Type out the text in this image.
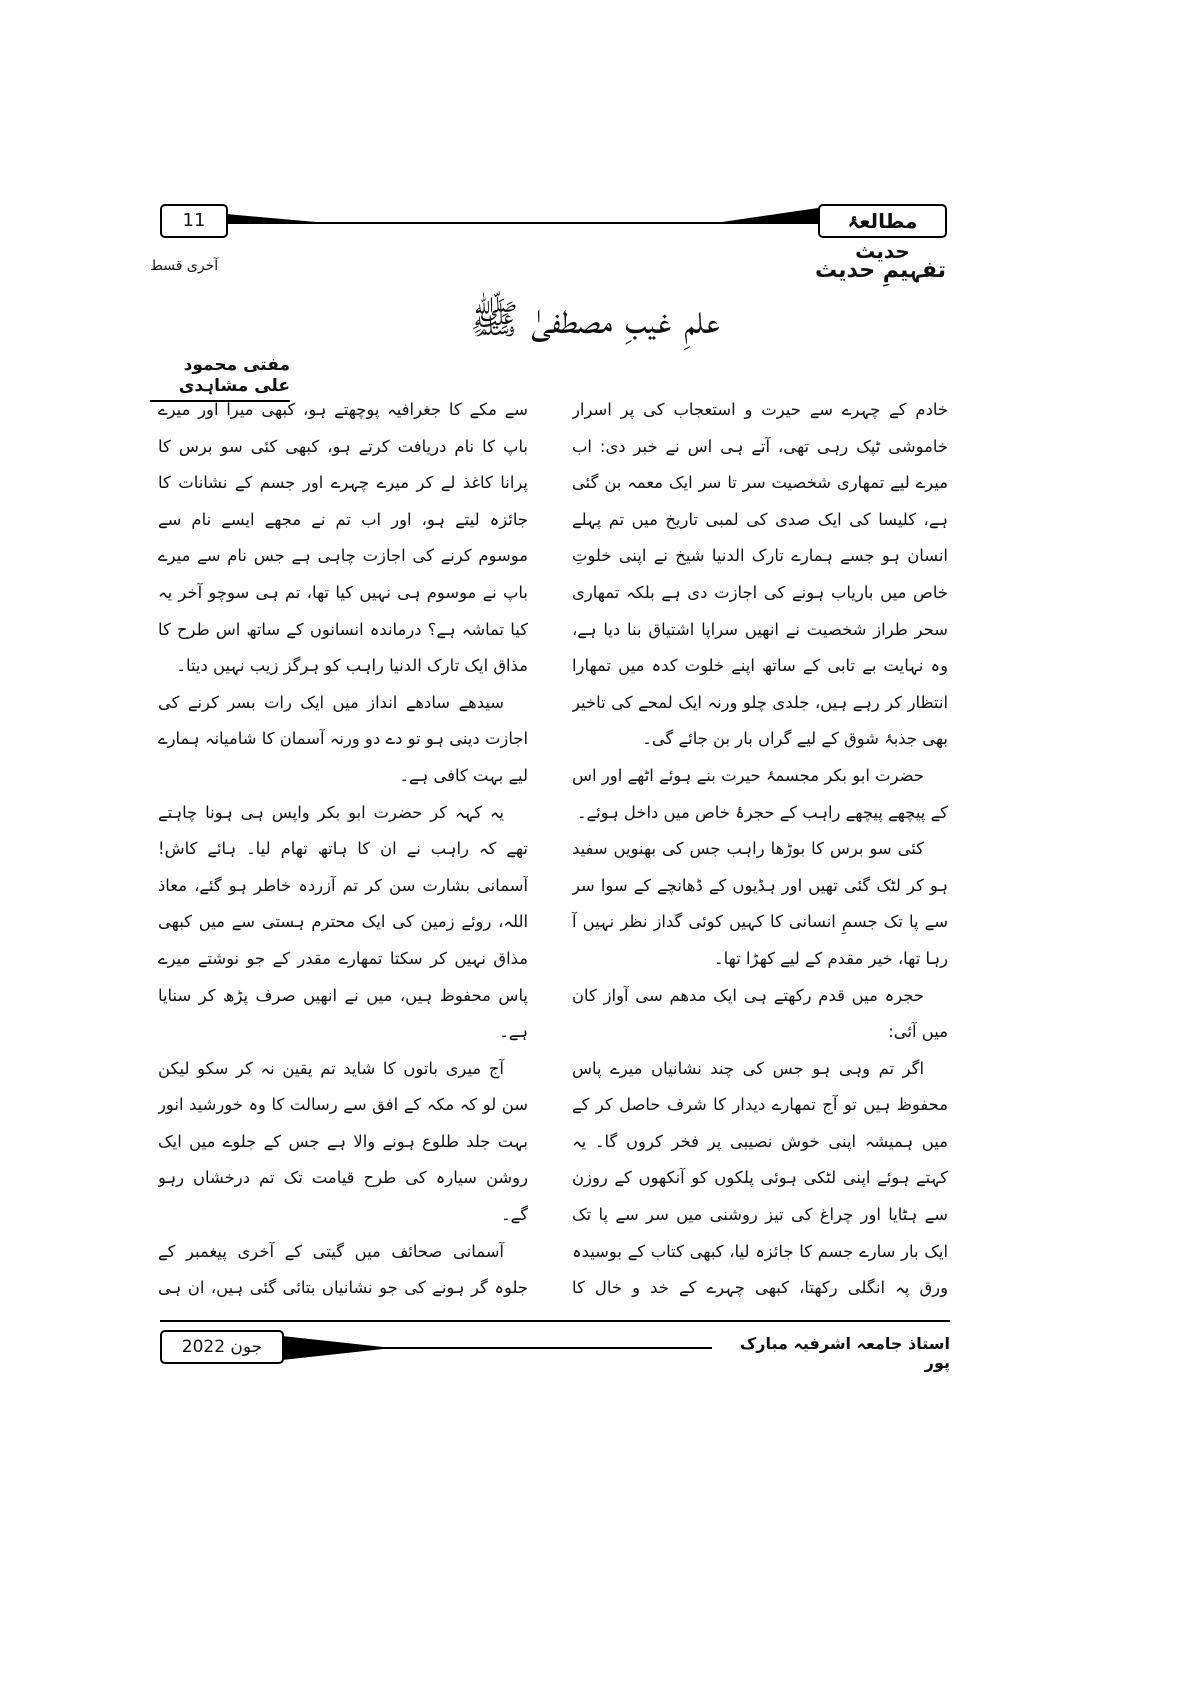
11	مطالعۂ حدیث
تفہیمِ حدیث
آخری قسط
علمِ غیبِ مصطفیٰ ﷺ
مفتی محمود علی مشاہدی

خادم کے چہرے سے حیرت و استعجاب کی پر اسرار خاموشی ٹپک رہی تھی، آتے ہی اس نے خبر دی: اب میرے لیے تمھاری شخصیت سر تا سر ایک معمہ بن گئی ہے، کلیسا کی ایک صدی کی لمبی تاریخ میں تم پہلے انسان ہو جسے ہمارے تارک الدنیا شیخ نے اپنی خلوتِ خاص میں باریاب ہونے کی اجازت دی ہے بلکہ تمھاری سحر طراز شخصیت نے انھیں سراپا اشتیاق بنا دیا ہے، وہ نہایت بے تابی کے ساتھ اپنے خلوت کدہ میں تمھارا انتظار کر رہے ہیں، جلدی چلو ورنہ ایک لمحے کی تاخیر بھی جذبۂ شوق کے لیے گراں بار بن جائے گی۔

حضرت ابو بکر مجسمۂ حیرت بنے ہوئے اٹھے اور اس کے پیچھے پیچھے راہب کے حجرۂ خاص میں داخل ہوئے۔

کئی سو برس کا بوڑھا راہب جس کی بھنویں سفید ہو کر لٹک گئی تھیں اور ہڈیوں کے ڈھانچے کے سوا سر سے پا تک جسمِ انسانی کا کہیں کوئی گداز نظر نہیں آ رہا تھا، خیر مقدم کے لیے کھڑا تھا۔

حجرہ میں قدم رکھتے ہی ایک مدھم سی آواز کان میں آئی:

اگر تم وہی ہو جس کی چند نشانیاں میرے پاس محفوظ ہیں تو آج تمھارے دیدار کا شرف حاصل کر کے میں ہمیشہ اپنی خوش نصیبی پر فخر کروں گا۔ یہ کہتے ہوئے اپنی لٹکی ہوئی پلکوں کو آنکھوں کے روزن سے ہٹایا اور چراغ کی تیز روشنی میں سر سے پا تک ایک بار سارے جسم کا جائزہ لیا، کبھی کتاب کے بوسیدہ ورق پہ انگلی رکھتا، کبھی چہرے کے خد و خال کا

سے مکے کا جغرافیہ پوچھتے ہو، کبھی میرا اور میرے باپ کا نام دریافت کرتے ہو، کبھی کئی سو برس کا پرانا کاغذ لے کر میرے چہرے اور جسم کے نشانات کا جائزہ لیتے ہو، اور اب تم نے مجھے ایسے نام سے موسوم کرنے کی اجازت چاہی ہے جس نام سے میرے باپ نے موسوم ہی نہیں کیا تھا، تم ہی سوچو آخر یہ کیا تماشہ ہے؟ درماندہ انسانوں کے ساتھ اس طرح کا مذاق ایک تارک الدنیا راہب کو ہرگز زیب نہیں دیتا۔

سیدھے سادھے انداز میں ایک رات بسر کرنے کی اجازت دینی ہو تو دے دو ورنہ آسمان کا شامیانہ ہمارے لیے بہت کافی ہے۔

یہ کہہ کر حضرت ابو بکر واپس ہی ہونا چاہتے تھے کہ راہب نے ان کا ہاتھ تھام لیا۔ ہائے کاش! آسمانی بشارت سن کر تم آزردہ خاطر ہو گئے، معاذ اللہ، روئے زمین کی ایک محترم ہستی سے میں کبھی مذاق نہیں کر سکتا تمھارے مقدر کے جو نوشتے میرے پاس محفوظ ہیں، میں نے انھیں صرف پڑھ کر سنایا ہے۔

آج میری باتوں کا شاید تم یقین نہ کر سکو لیکن سن لو کہ مکہ کے افق سے رسالت کا وہ خورشید انور بہت جلد طلوع ہونے والا ہے جس کے جلوے میں ایک روشن سیارہ کی طرح قیامت تک تم درخشاں رہو گے۔

آسمانی صحائف میں گیتی کے آخری پیغمبر کے جلوہ گر ہونے کی جو نشانیاں بتائی گئی ہیں، ان ہی

جون 2022	استاذ جامعہ اشرفیہ مبارک پور
